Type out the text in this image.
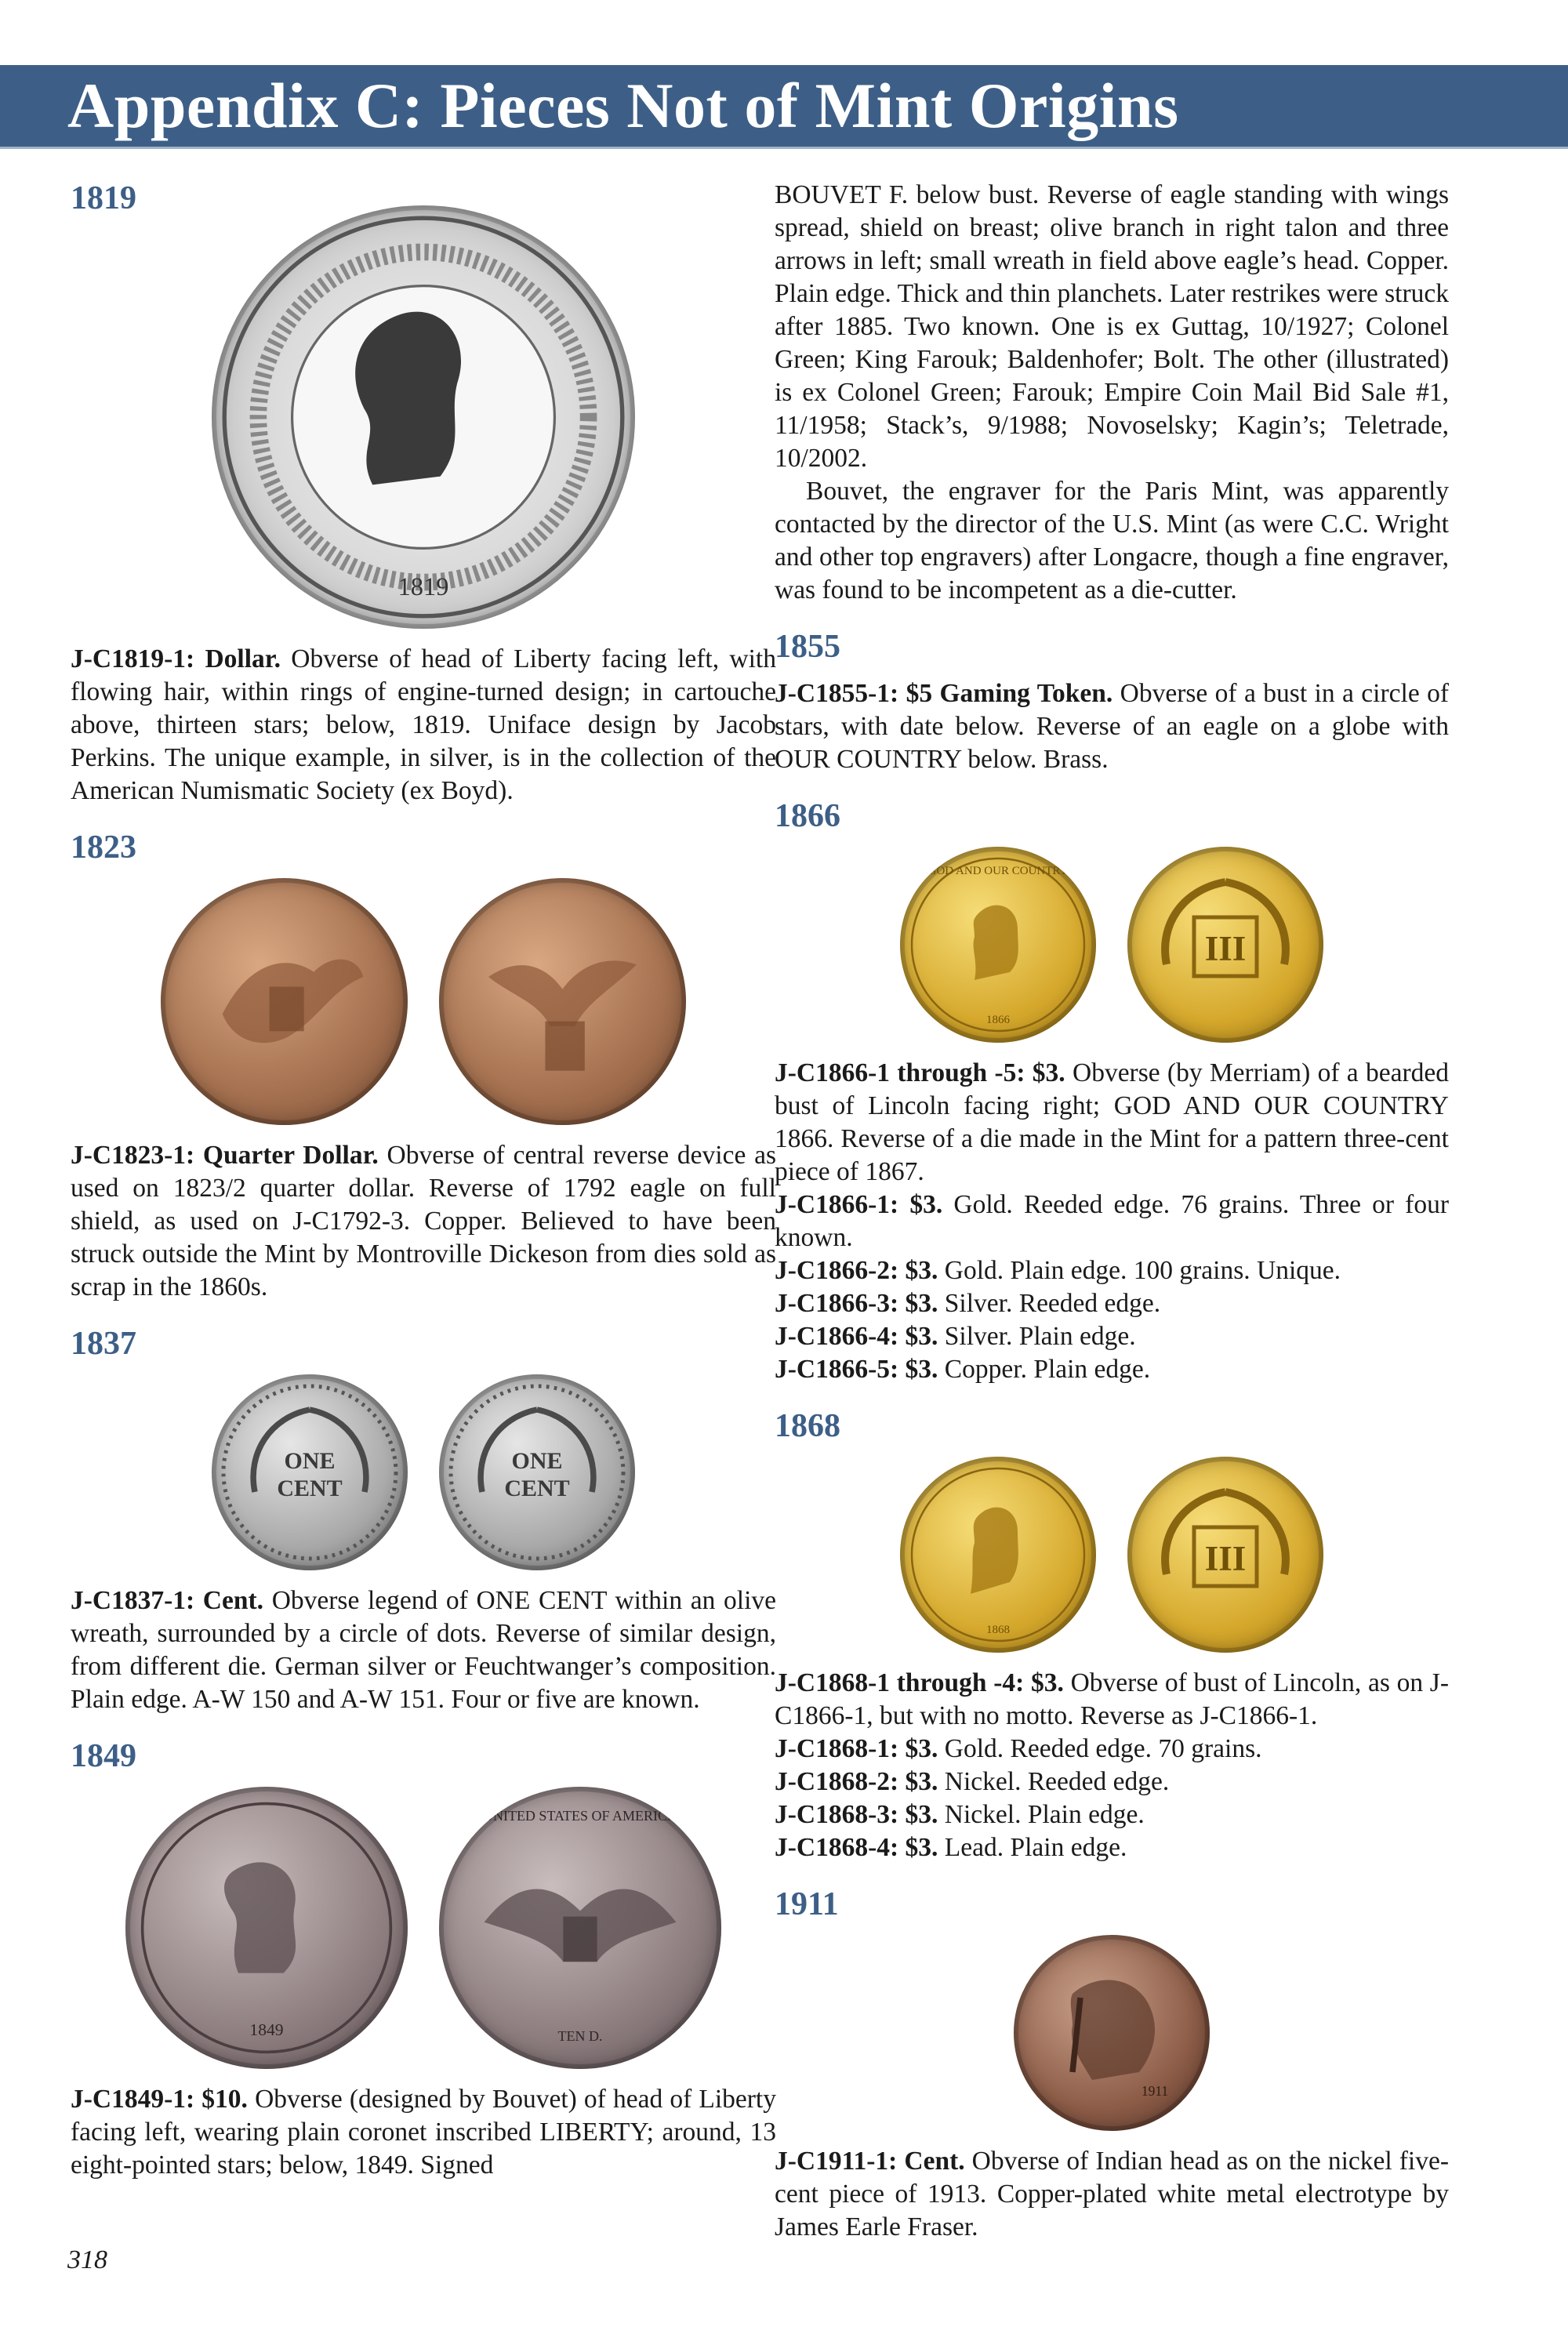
Appendix C: Pieces Not of Mint Origins
1819
1819
J-C1819-1: Dollar. Obverse of head of Liberty facing left, with flowing hair, within rings of engine-turned design; in cartouche above, thirteen stars; below, 1819. Uniface design by Jacob Perkins. The unique example, in silver, is in the collection of the American Numismatic Society (ex Boyd).
1823
J-C1823-1: Quarter Dollar. Obverse of central reverse device as used on 1823/2 quarter dollar. Reverse of 1792 eagle on full shield, as used on J-C1792-3. Copper. Believed to have been struck outside the Mint by Montroville Dickeson from dies sold as scrap in the 1860s.
1837
ONE
CENT
ONE
CENT
J-C1837-1: Cent. Obverse legend of ONE CENT within an olive wreath, surrounded by a circle of dots. Reverse of similar design, from different die. German silver or Feuchtwanger’s composition. Plain edge. A-W 150 and A-W 151. Four or five are known.
1849
1849
UNITED STATES OF AMERICA
TEN D.
J-C1849-1: $10. Obverse (designed by Bouvet) of head of Liberty facing left, wearing plain coronet inscribed LIBERTY; around, 13 eight-pointed stars; below, 1849. Signed

BOUVET F. below bust. Reverse of eagle standing with wings spread, shield on breast; olive branch in right talon and three arrows in left; small wreath in field above eagle’s head. Copper. Plain edge. Thick and thin planchets. Later restrikes were struck after 1885. Two known. One is ex Guttag, 10/1927; Colonel Green; King Farouk; Baldenhofer; Bolt. The other (illustrated) is ex Colonel Green; Farouk; Empire Coin Mail Bid Sale #1, 11/1958; Stack’s, 9/1988; Novoselsky; Kagin’s; Teletrade, 10/2002.

Bouvet, the engraver for the Paris Mint, was apparently contacted by the director of the U.S. Mint (as were C.C. Wright and other top engravers) after Longacre, though a fine engraver, was found to be incompetent as a die-cutter.

1855
J-C1855-1: $5 Gaming Token. Obverse of a bust in a circle of stars, with date below. Reverse of an eagle on a globe with OUR COUNTRY below. Brass.
1866
GOD AND OUR COUNTRY
1866
III

J-C1866-1 through -5: $3. Obverse (by Merriam) of a bearded bust of Lincoln facing right; GOD AND OUR COUNTRY 1866. Reverse of a die made in the Mint for a pattern three-cent piece of 1867.

J-C1866-1: $3. Gold. Reeded edge. 76 grains. Three or four known.

J-C1866-2: $3. Gold. Plain edge. 100 grains. Unique.

J-C1866-3: $3. Silver. Reeded edge.

J-C1866-4: $3. Silver. Plain edge.

J-C1866-5: $3. Copper. Plain edge.

1868
1868
III

J-C1868-1 through -4: $3. Obverse of bust of Lincoln, as on J-C1866-1, but with no motto. Reverse as J-C1866-1.

J-C1868-1: $3. Gold. Reeded edge. 70 grains.

J-C1868-2: $3. Nickel. Reeded edge.

J-C1868-3: $3. Nickel. Plain edge.

J-C1868-4: $3. Lead. Plain edge.

1911
1911
J-C1911-1: Cent. Obverse of Indian head as on the nickel five-cent piece of 1913. Copper-plated white metal electrotype by James Earle Fraser.
318
